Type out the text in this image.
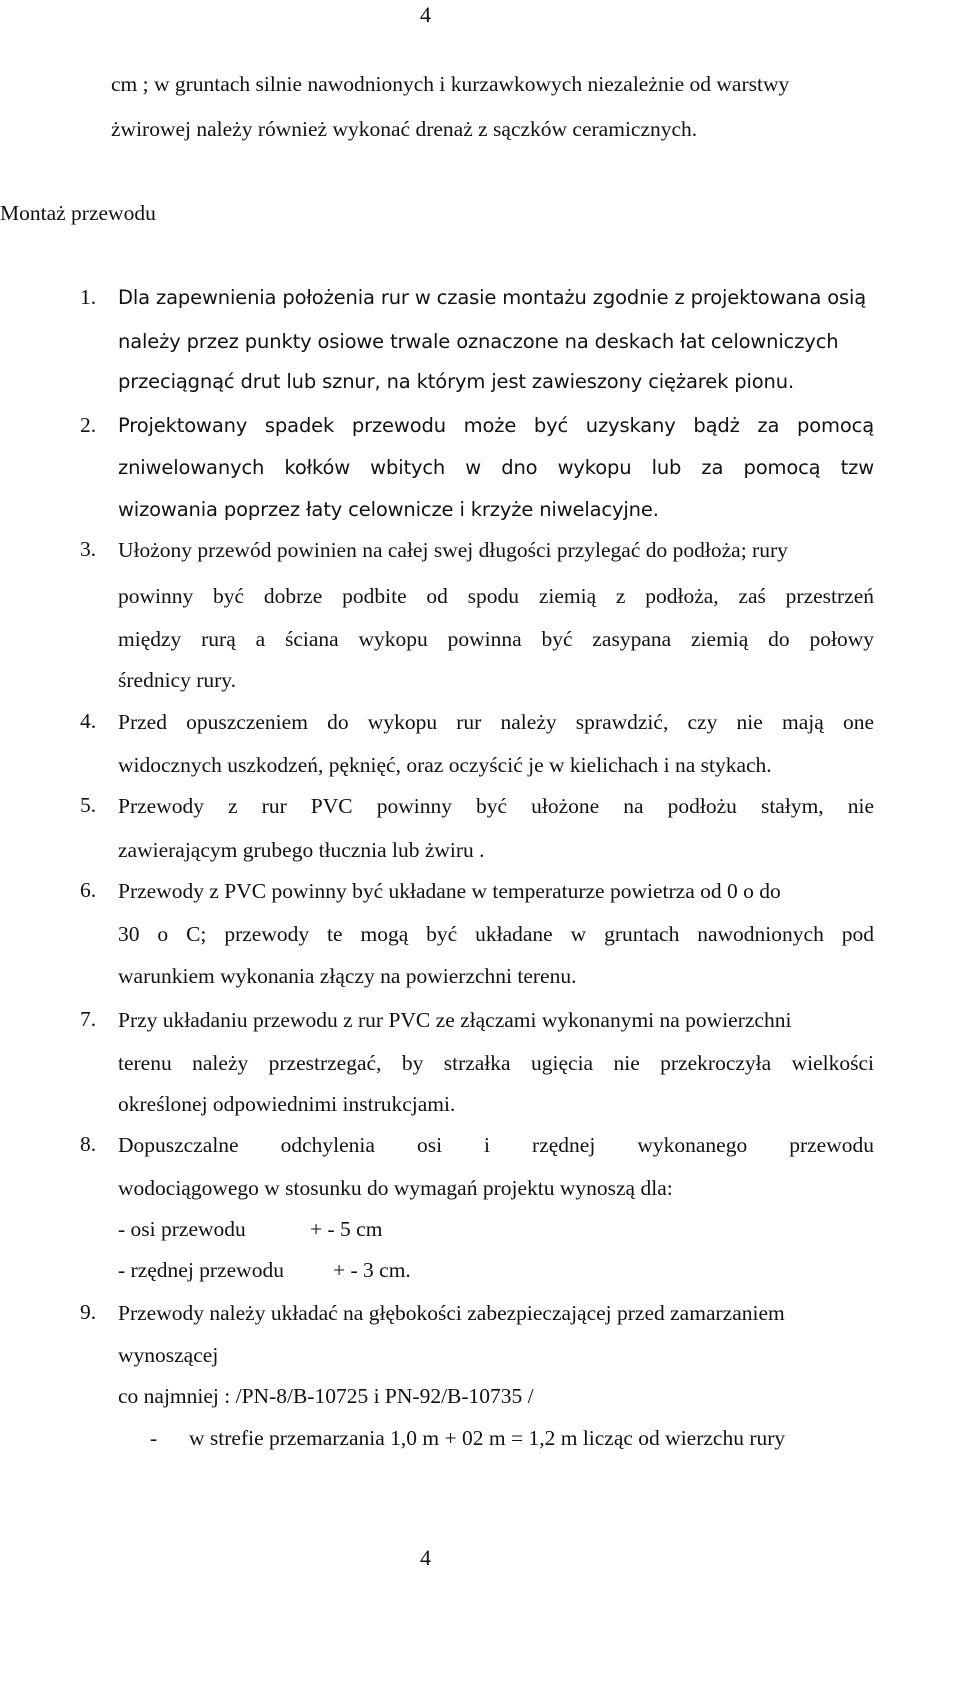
4
cm ; w gruntach silnie nawodnionych i kurzawkowych niezależnie od warstwy
żwirowej należy również wykonać drenaż z sączków ceramicznych.
Montaż przewodu
1. Dla zapewnienia położenia rur w czasie montażu zgodnie z projektowana osią
należy przez punkty osiowe trwale oznaczone na deskach łat celowniczych
przeciągnąć drut lub sznur, na którym jest zawieszony ciężarek pionu.
2. Projektowany spadek przewodu może być uzyskany bądż za pomocą
zniwelowanych kołków wbitych w dno wykopu lub za pomocą tzw
wizowania poprzez łaty celownicze i krzyże niwelacyjne.
3. Ułożony przewód powinien na całej swej długości przylegać do podłoża; rury
powinny być dobrze podbite od spodu ziemią z podłoża, zaś przestrzeń
między rurą a ściana wykopu powinna być zasypana ziemią do połowy
średnicy rury.
4. Przed opuszczeniem do wykopu rur należy sprawdzić, czy nie mają one
widocznych uszkodzeń, pęknięć, oraz oczyścić je w kielichach i na stykach.
5. Przewody z rur PVC powinny być ułożone na podłożu stałym, nie
zawierającym grubego tłucznia lub żwiru .
6. Przewody z PVC powinny być układane w temperaturze powietrza od 0 o do
30 o C; przewody te mogą być układane w gruntach nawodnionych pod
warunkiem wykonania złączy na powierzchni terenu.
7. Przy układaniu przewodu z rur PVC ze złączami wykonanymi na powierzchni
terenu należy przestrzegać, by strzałka ugięcia nie przekroczyła wielkości
określonej odpowiednimi instrukcjami.
8. Dopuszczalne odchylenia osi i rzędnej wykonanego przewodu
wodociągowego w stosunku do wymagań projektu wynoszą dla:
- osi przewodu	+ - 5 cm
- rzędnej przewodu + - 3 cm.
9. Przewody należy układać na głębokości zabezpieczającej przed zamarzaniem
wynoszącej
co najmniej : /PN-8/B-10725 i PN-92/B-10735 /
- w strefie przemarzania 1,0 m + 02 m = 1,2 m licząc od wierzchu rury
4
